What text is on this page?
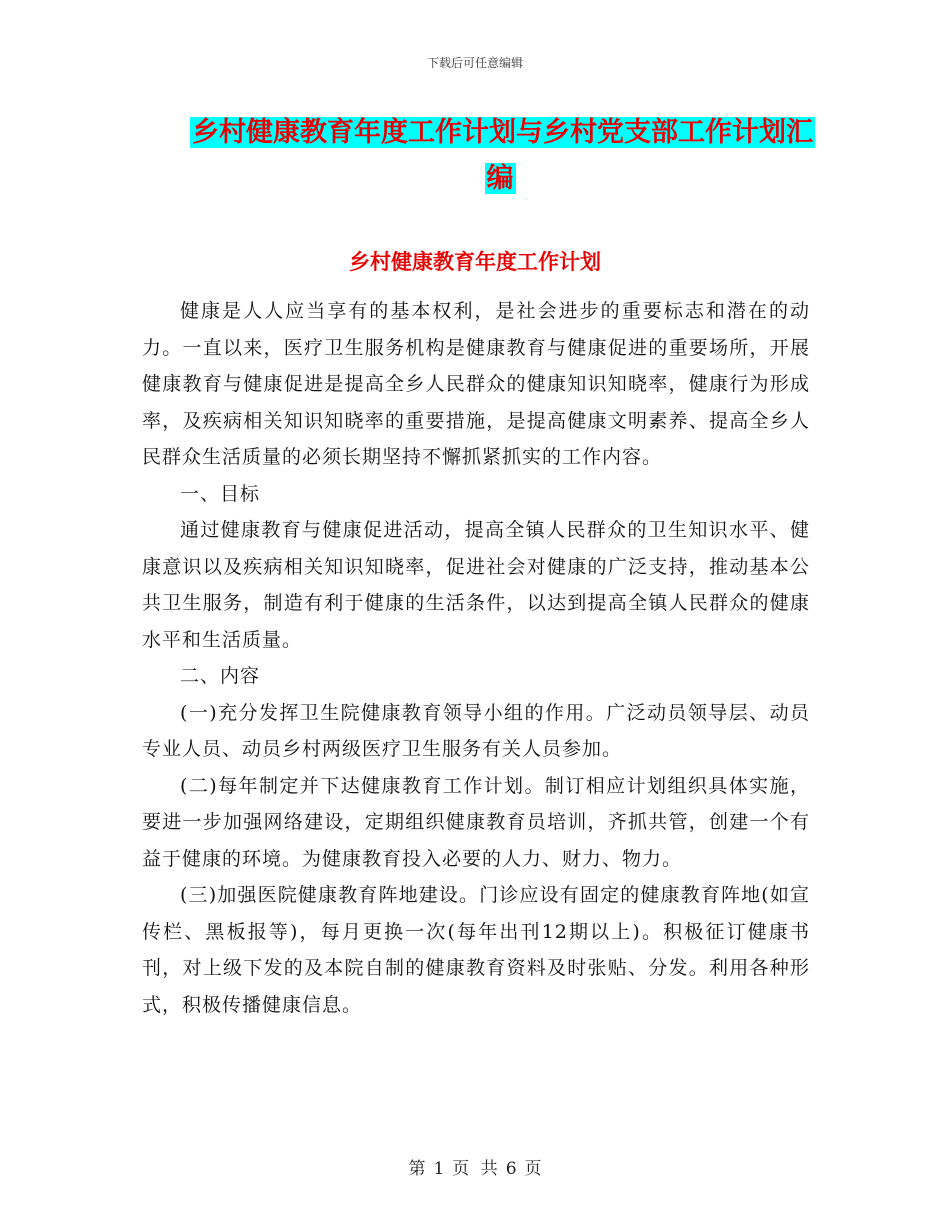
下载后可任意编辑
乡村健康教育年度工作计划与乡村党支部工作计划汇
编
乡村健康教育年度工作计划

健康是人人应当享有的基本权利，是社会进步的重要标志和潜在的动力。一直以来，医疗卫生服务机构是健康教育与健康促进的重要场所，开展健康教育与健康促进是提高全乡人民群众的健康知识知晓率，健康行为形成率，及疾病相关知识知晓率的重要措施，是提高健康文明素养、提高全乡人民群众生活质量的必须长期坚持不懈抓紧抓实的工作内容。

一、目标

通过健康教育与健康促进活动，提高全镇人民群众的卫生知识水平、健康意识以及疾病相关知识知晓率，促进社会对健康的广泛支持，推动基本公共卫生服务，制造有利于健康的生活条件，以达到提高全镇人民群众的健康水平和生活质量。

二、内容

(一)充分发挥卫生院健康教育领导小组的作用。广泛动员领导层、动员专业人员、动员乡村两级医疗卫生服务有关人员参加。

(二)每年制定并下达健康教育工作计划。制订相应计划组织具体实施，要进一步加强网络建设，定期组织健康教育员培训，齐抓共管，创建一个有益于健康的环境。为健康教育投入必要的人力、财力、物力。

(三)加强医院健康教育阵地建设。门诊应设有固定的健康教育阵地(如宣传栏、黑板报等)，每月更换一次(每年出刊12期以上)。积极征订健康书刊，对上级下发的及本院自制的健康教育资料及时张贴、分发。利用各种形式，积极传播健康信息。

第 1 页 共 6 页
